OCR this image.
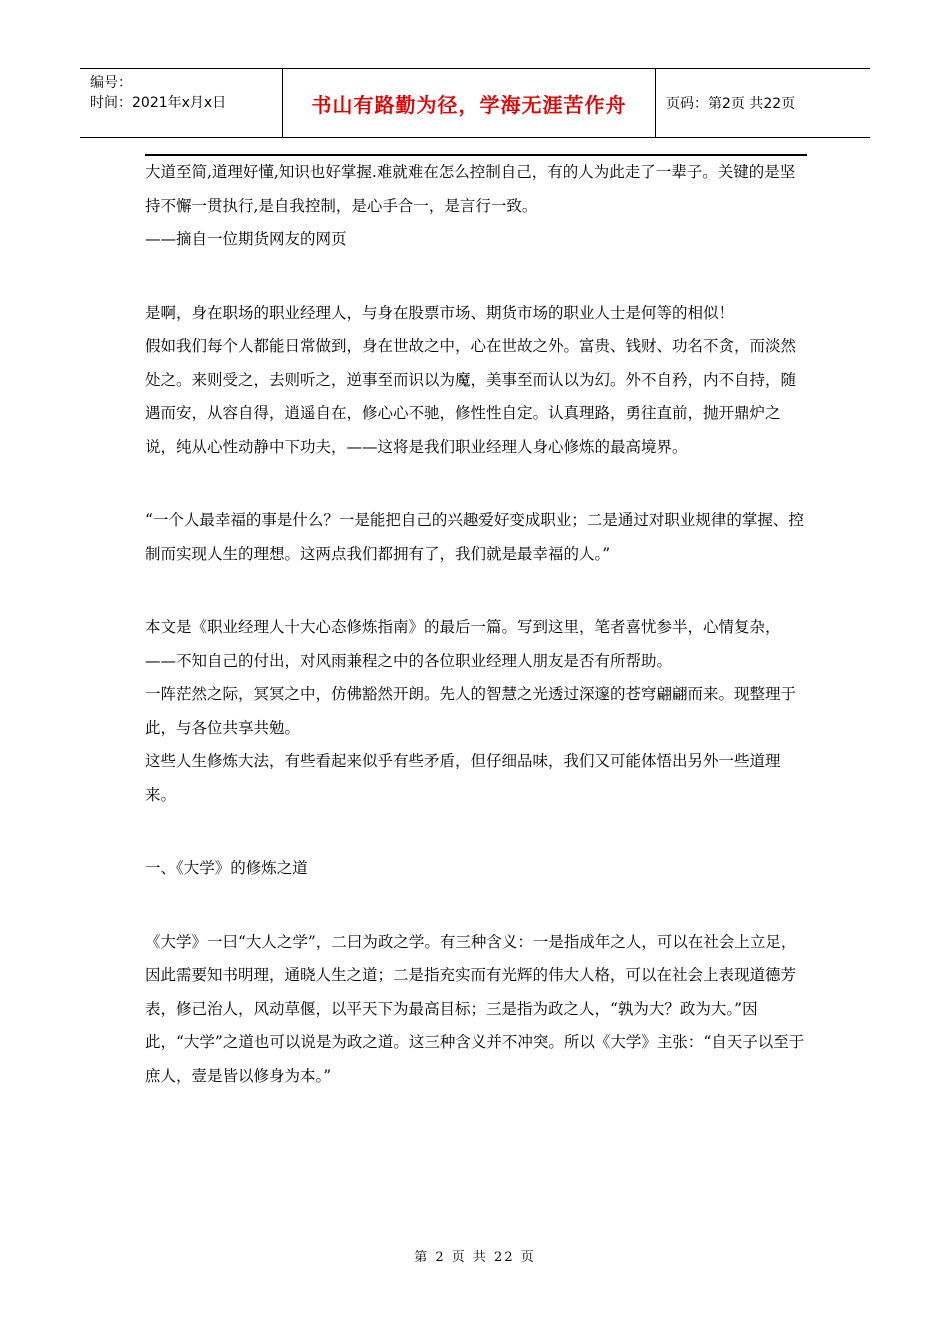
编号：
时间：2021年x月x日	书山有路勤为径，学海无涯苦作舟	页码：第2页 共22页

大道至简,道理好懂,知识也好掌握.难就难在怎么控制自己，有的人为此走了一辈子。关键的是坚持不懈一贯执行,是自我控制，是心手合一，是言行一致。

——摘自一位期货网友的网页

是啊，身在职场的职业经理人，与身在股票市场、期货市场的职业人士是何等的相似！

假如我们每个人都能日常做到，身在世故之中，心在世故之外。富贵、钱财、功名不贪，而淡然处之。来则受之，去则听之，逆事至而识以为魔，美事至而认以为幻。外不自矜，内不自持，随遇而安，从容自得，逍遥自在，修心心不驰，修性性自定。认真理路，勇往直前，抛开鼎炉之说，纯从心性动静中下功夫，——这将是我们职业经理人身心修炼的最高境界。

“一个人最幸福的事是什么？一是能把自己的兴趣爱好变成职业；二是通过对职业规律的掌握、控制而实现人生的理想。这两点我们都拥有了，我们就是最幸福的人。”

本文是《职业经理人十大心态修炼指南》的最后一篇。写到这里，笔者喜忧参半，心情复杂，——不知自己的付出，对风雨兼程之中的各位职业经理人朋友是否有所帮助。

一阵茫然之际，冥冥之中，仿佛豁然开朗。先人的智慧之光透过深邃的苍穹翩翩而来。现整理于此，与各位共享共勉。

这些人生修炼大法，有些看起来似乎有些矛盾，但仔细品味，我们又可能体悟出另外一些道理来。

一、《大学》的修炼之道

《大学》一曰“大人之学”，二曰为政之学。有三种含义：一是指成年之人，可以在社会上立足，因此需要知书明理，通晓人生之道；二是指充实而有光辉的伟大人格，可以在社会上表现道德芳表，修己治人，风动草偃，以平天下为最高目标；三是指为政之人，“孰为大？政为大。”因此，“大学”之道也可以说是为政之道。这三种含义并不冲突。所以《大学》主张：“自天子以至于庶人，壹是皆以修身为本。”

第 2 页 共 22 页
